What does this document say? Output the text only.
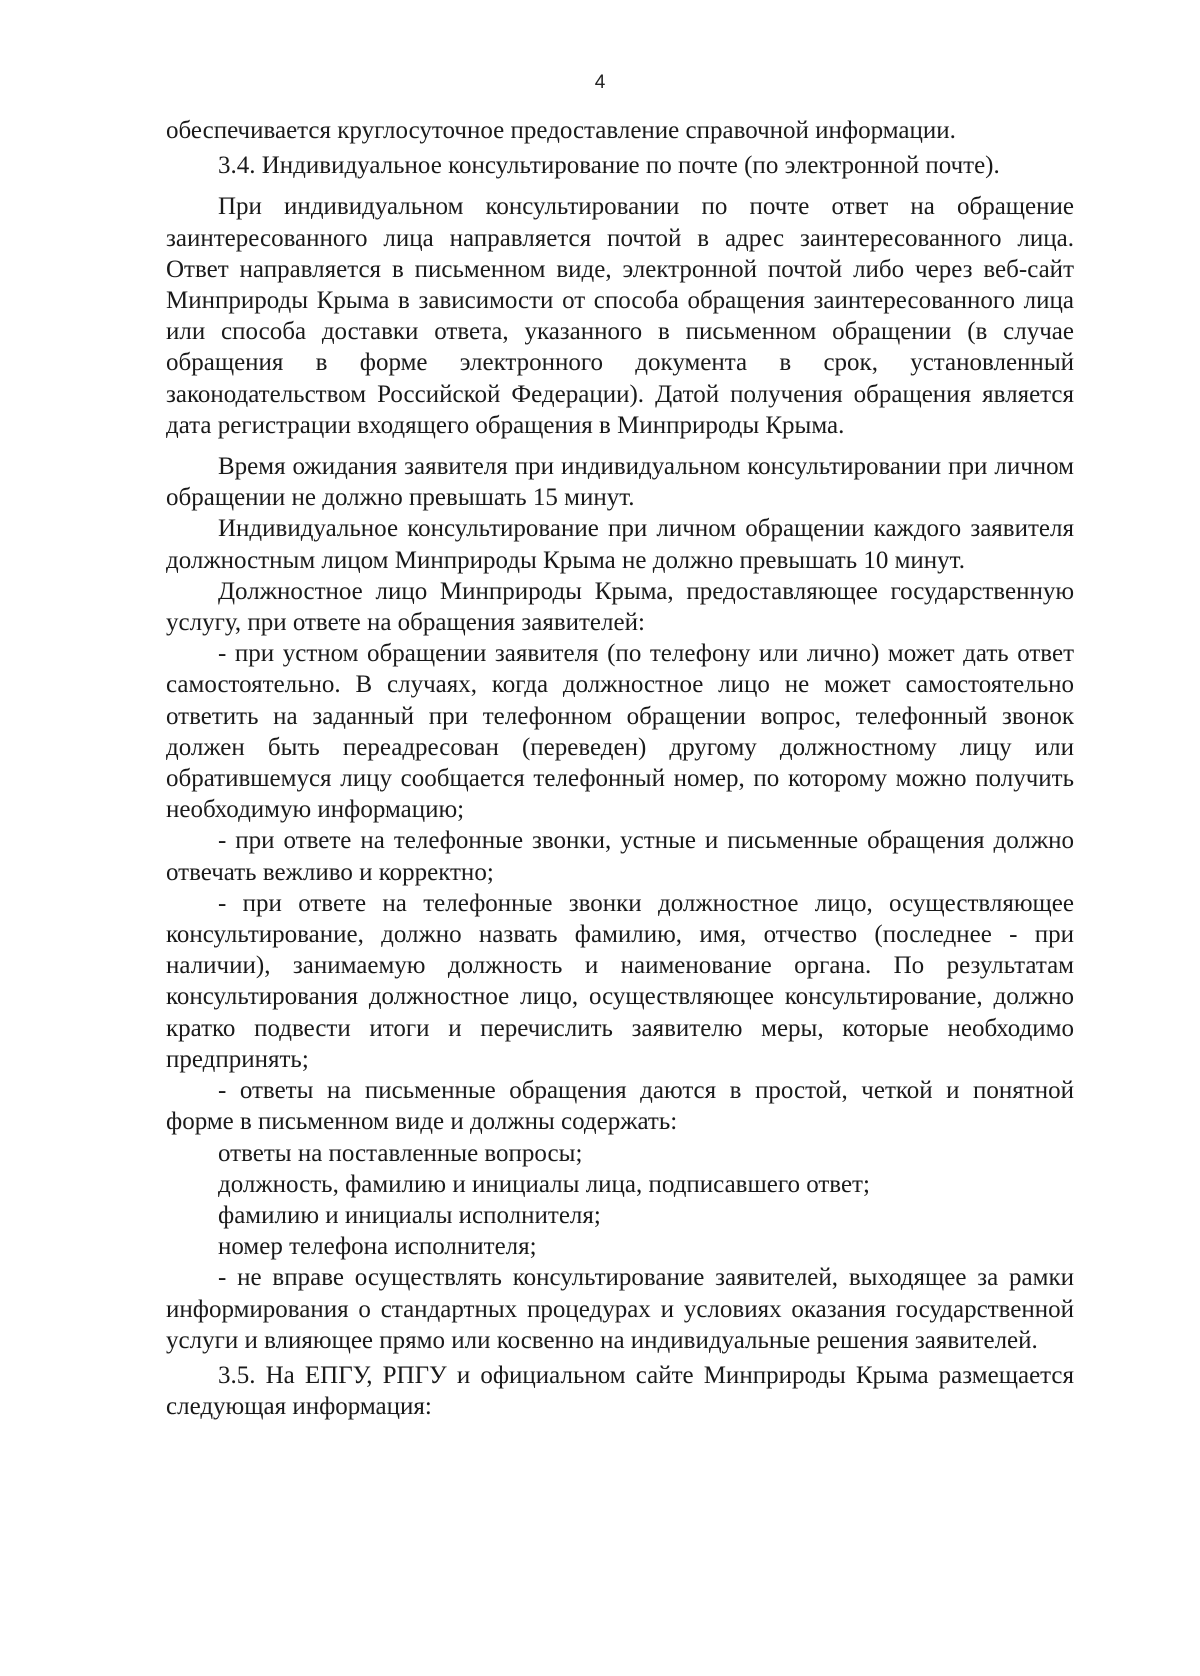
4

обеспечивается круглосуточное предоставление справочной информации.

3.4. Индивидуальное консультирование по почте (по электронной почте).

При индивидуальном консультировании по почте ответ на обращение заинтересованного лица направляется почтой в адрес заинтересованного лица. Ответ направляется в письменном виде, электронной почтой либо через веб-сайт Минприроды Крыма в зависимости от способа обращения заинтересованного лица или способа доставки ответа, указанного в письменном обращении (в случае обращения в форме электронного документа в срок, установленный законодательством Российской Федерации). Датой получения обращения является дата регистрации входящего обращения в Минприроды Крыма.

Время ожидания заявителя при индивидуальном консультировании при личном обращении не должно превышать 15 минут.

Индивидуальное консультирование при личном обращении каждого заявителя должностным лицом Минприроды Крыма не должно превышать 10 минут.

Должностное лицо Минприроды Крыма, предоставляющее государственную услугу, при ответе на обращения заявителей:

- при устном обращении заявителя (по телефону или лично) может дать ответ самостоятельно. В случаях, когда должностное лицо не может самостоятельно ответить на заданный при телефонном обращении вопрос, телефонный звонок должен быть переадресован (переведен) другому должностному лицу или обратившемуся лицу сообщается телефонный номер, по которому можно получить необходимую информацию;

- при ответе на телефонные звонки, устные и письменные обращения должно отвечать вежливо и корректно;

- при ответе на телефонные звонки должностное лицо, осуществляющее консультирование, должно назвать фамилию, имя, отчество (последнее - при наличии), занимаемую должность и наименование органа. По результатам консультирования должностное лицо, осуществляющее консультирование, должно кратко подвести итоги и перечислить заявителю меры, которые необходимо предпринять;

- ответы на письменные обращения даются в простой, четкой и понятной форме в письменном виде и должны содержать:

ответы на поставленные вопросы;

должность, фамилию и инициалы лица, подписавшего ответ;

фамилию и инициалы исполнителя;

номер телефона исполнителя;

- не вправе осуществлять консультирование заявителей, выходящее за рамки информирования о стандартных процедурах и условиях оказания государственной услуги и влияющее прямо или косвенно на индивидуальные решения заявителей.

3.5. На ЕПГУ, РПГУ и официальном сайте Минприроды Крыма размещается следующая информация:
